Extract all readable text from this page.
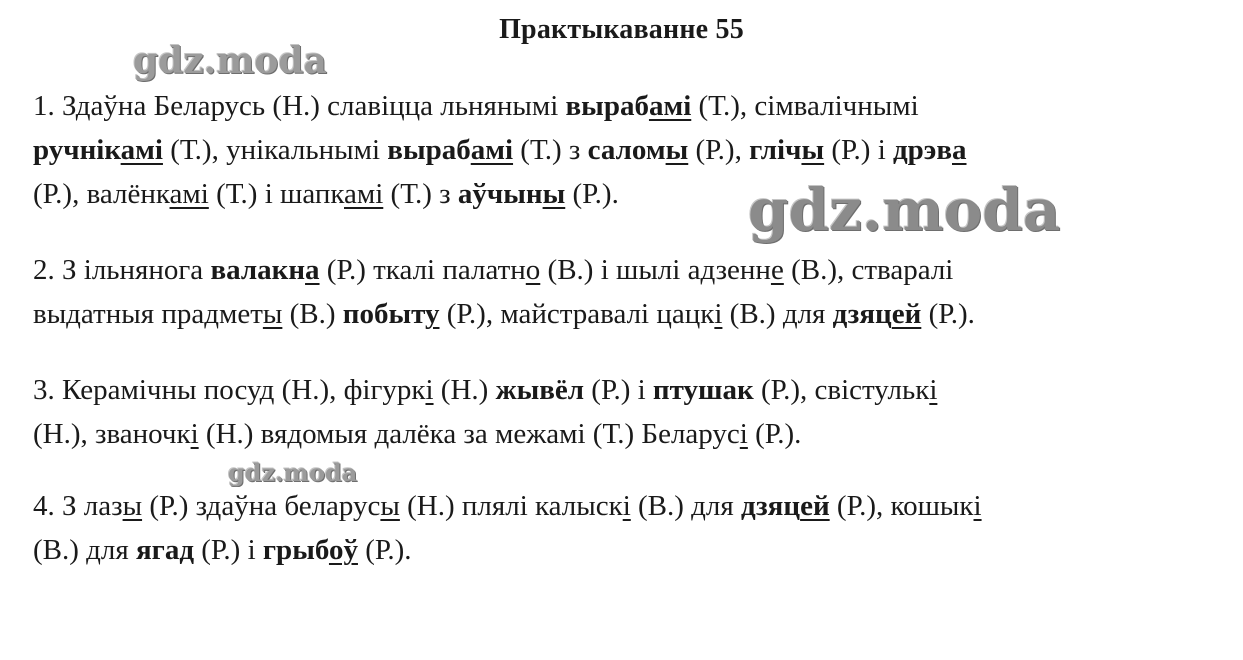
Практыкаванне 55
1. Здаўна Беларусь (Н.) славіцца льнянымі вырабамі (Т.), сімвалічнымі
ручнікамі (Т.), унікальнымі вырабамі (Т.) з саломы (Р.), глічы (Р.) і дрэва
(Р.), валёнкамі (Т.) і шапкамі (Т.) з аўчыны (Р.).
2. З ільнянога валакна (Р.) ткалі палатно (В.) і шылі адзенне (В.), стваралі
выдатныя прадметы (В.) побыту (Р.), майстравалі цацкі (В.) для дзяцей (Р.).
3. Керамічны посуд (Н.), фігуркі (Н.) жывёл (Р.) і птушак (Р.), свістулькі
(Н.), званочкі (Н.) вядомыя далёка за межамі (Т.) Беларусі (Р.).
4. З лазы (Р.) здаўна беларусы (Н.) плялі калыскі (В.) для дзяцей (Р.), кошыкі
(В.) для ягад (Р.) і грыбоў (Р.).
gdz.moda
gdz.moda
gdz.moda
